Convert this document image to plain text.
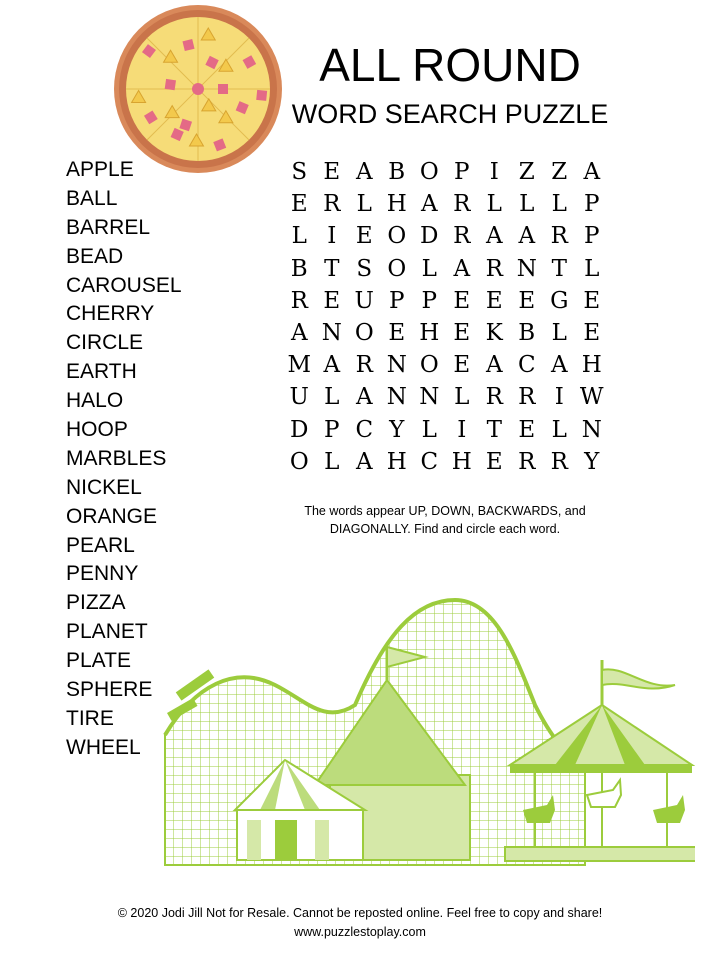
ALL ROUND
WORD SEARCH PUZZLE
APPLE
BALL
BARREL
BEAD
CAROUSEL
CHERRY
CIRCLE
EARTH
HALO
HOOP
MARBLES
NICKEL
ORANGE
PEARL
PENNY
PIZZA
PLANET
PLATE
SPHERE
TIRE
WHEEL
S	E	A	B	O	P	I	Z	Z	A
E	R	L	H	A	R	L	L	L	P
L	I	E	O	D	R	A	A	R	P
B	T	S	O	L	A	R	N	T	L
R	E	U	P	P	E	E	E	G	E
A	N	O	E	H	E	K	B	L	E
M	A	R	N	O	E	A	C	A	H
U	L	A	N	N	L	R	R	I	W
D	P	C	Y	L	I	T	E	L	N
O	L	A	H	C	H	E	R	R	Y
The words appear UP, DOWN, BACKWARDS, and
DIAGONALLY. Find and circle each word.
© 2020 Jodi Jill Not for Resale. Cannot be reposted online. Feel free to copy and share!
www.puzzlestoplay.com
